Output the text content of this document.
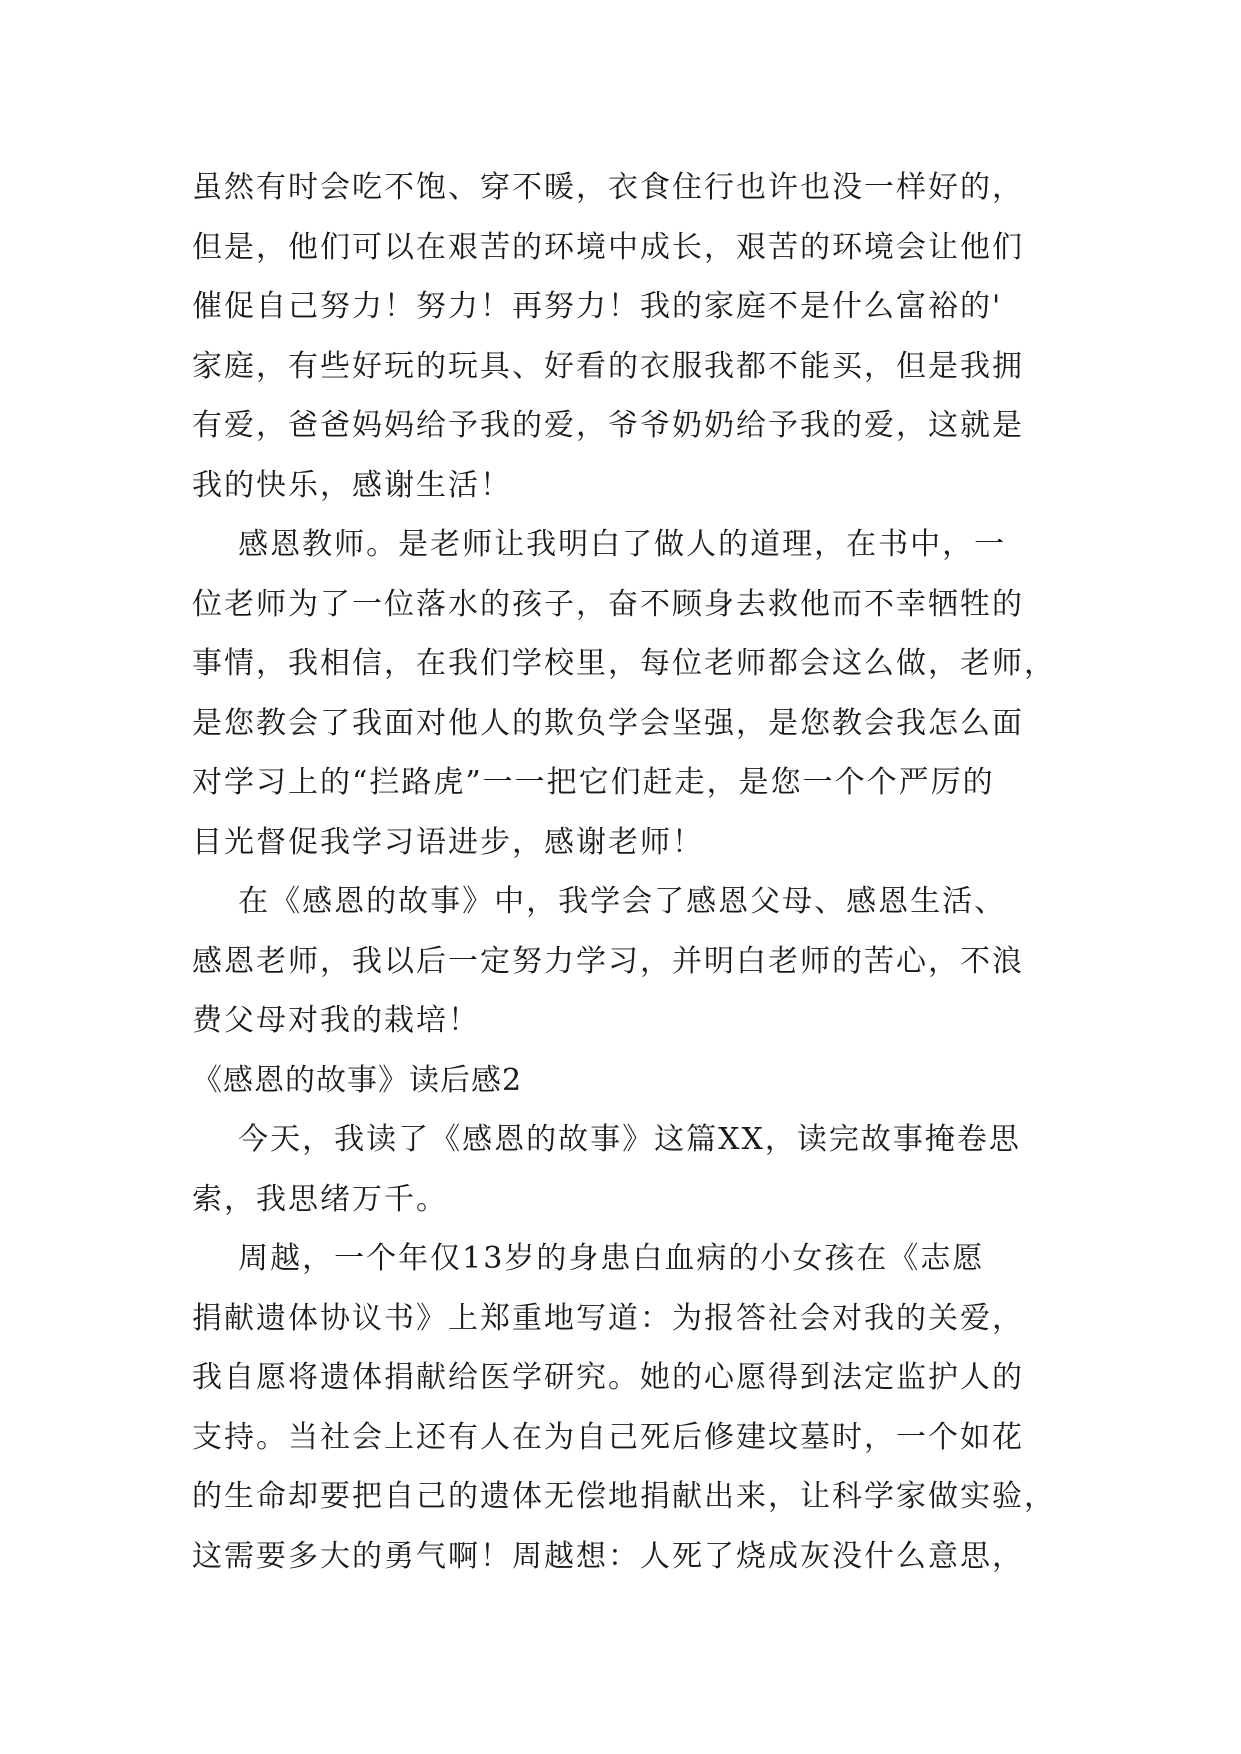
虽然有时会吃不饱、穿不暖，衣食住行也许也没一样好的，
但是，他们可以在艰苦的环境中成长，艰苦的环境会让他们
催促自己努力！努力！再努力！我的家庭不是什么富裕的'
家庭，有些好玩的玩具、好看的衣服我都不能买，但是我拥
有爱，爸爸妈妈给予我的爱，爷爷奶奶给予我的爱，这就是
我的快乐，感谢生活！
感恩教师。是老师让我明白了做人的道理，在书中，一
位老师为了一位落水的孩子，奋不顾身去救他而不幸牺牲的
事情，我相信，在我们学校里，每位老师都会这么做，老师，
是您教会了我面对他人的欺负学会坚强，是您教会我怎么面
对学习上的“拦路虎”一一把它们赶走，是您一个个严厉的
目光督促我学习语进步，感谢老师！
在《感恩的故事》中，我学会了感恩父母、感恩生活、
感恩老师，我以后一定努力学习，并明白老师的苦心，不浪
费父母对我的栽培！
《感恩的故事》读后感2
今天，我读了《感恩的故事》这篇XX，读完故事掩卷思
索，我思绪万千。
周越，一个年仅13岁的身患白血病的小女孩在《志愿
捐献遗体协议书》上郑重地写道：为报答社会对我的关爱，
我自愿将遗体捐献给医学研究。她的心愿得到法定监护人的
支持。当社会上还有人在为自己死后修建坟墓时，一个如花
的生命却要把自己的遗体无偿地捐献出来，让科学家做实验，
这需要多大的勇气啊！周越想：人死了烧成灰没什么意思，
